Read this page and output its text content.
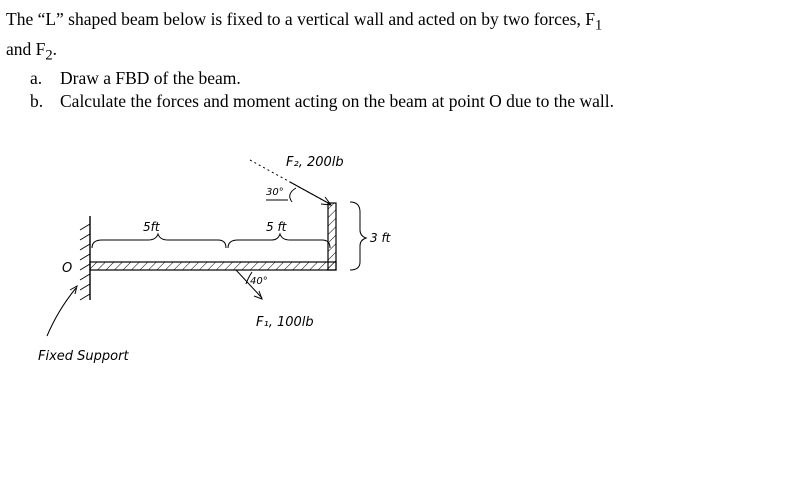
The “L” shaped beam below is fixed to a vertical wall and acted on by two forces, $F_1$

and $F_2$.

a. Draw a FBD of the beam.
b. Calculate the forces and moment acting on the beam at point O due to the wall.
O
Fixed Support
5ft	5 ft
3 ft
30°
F₂, 200lb
40°
F₁, 100lb
